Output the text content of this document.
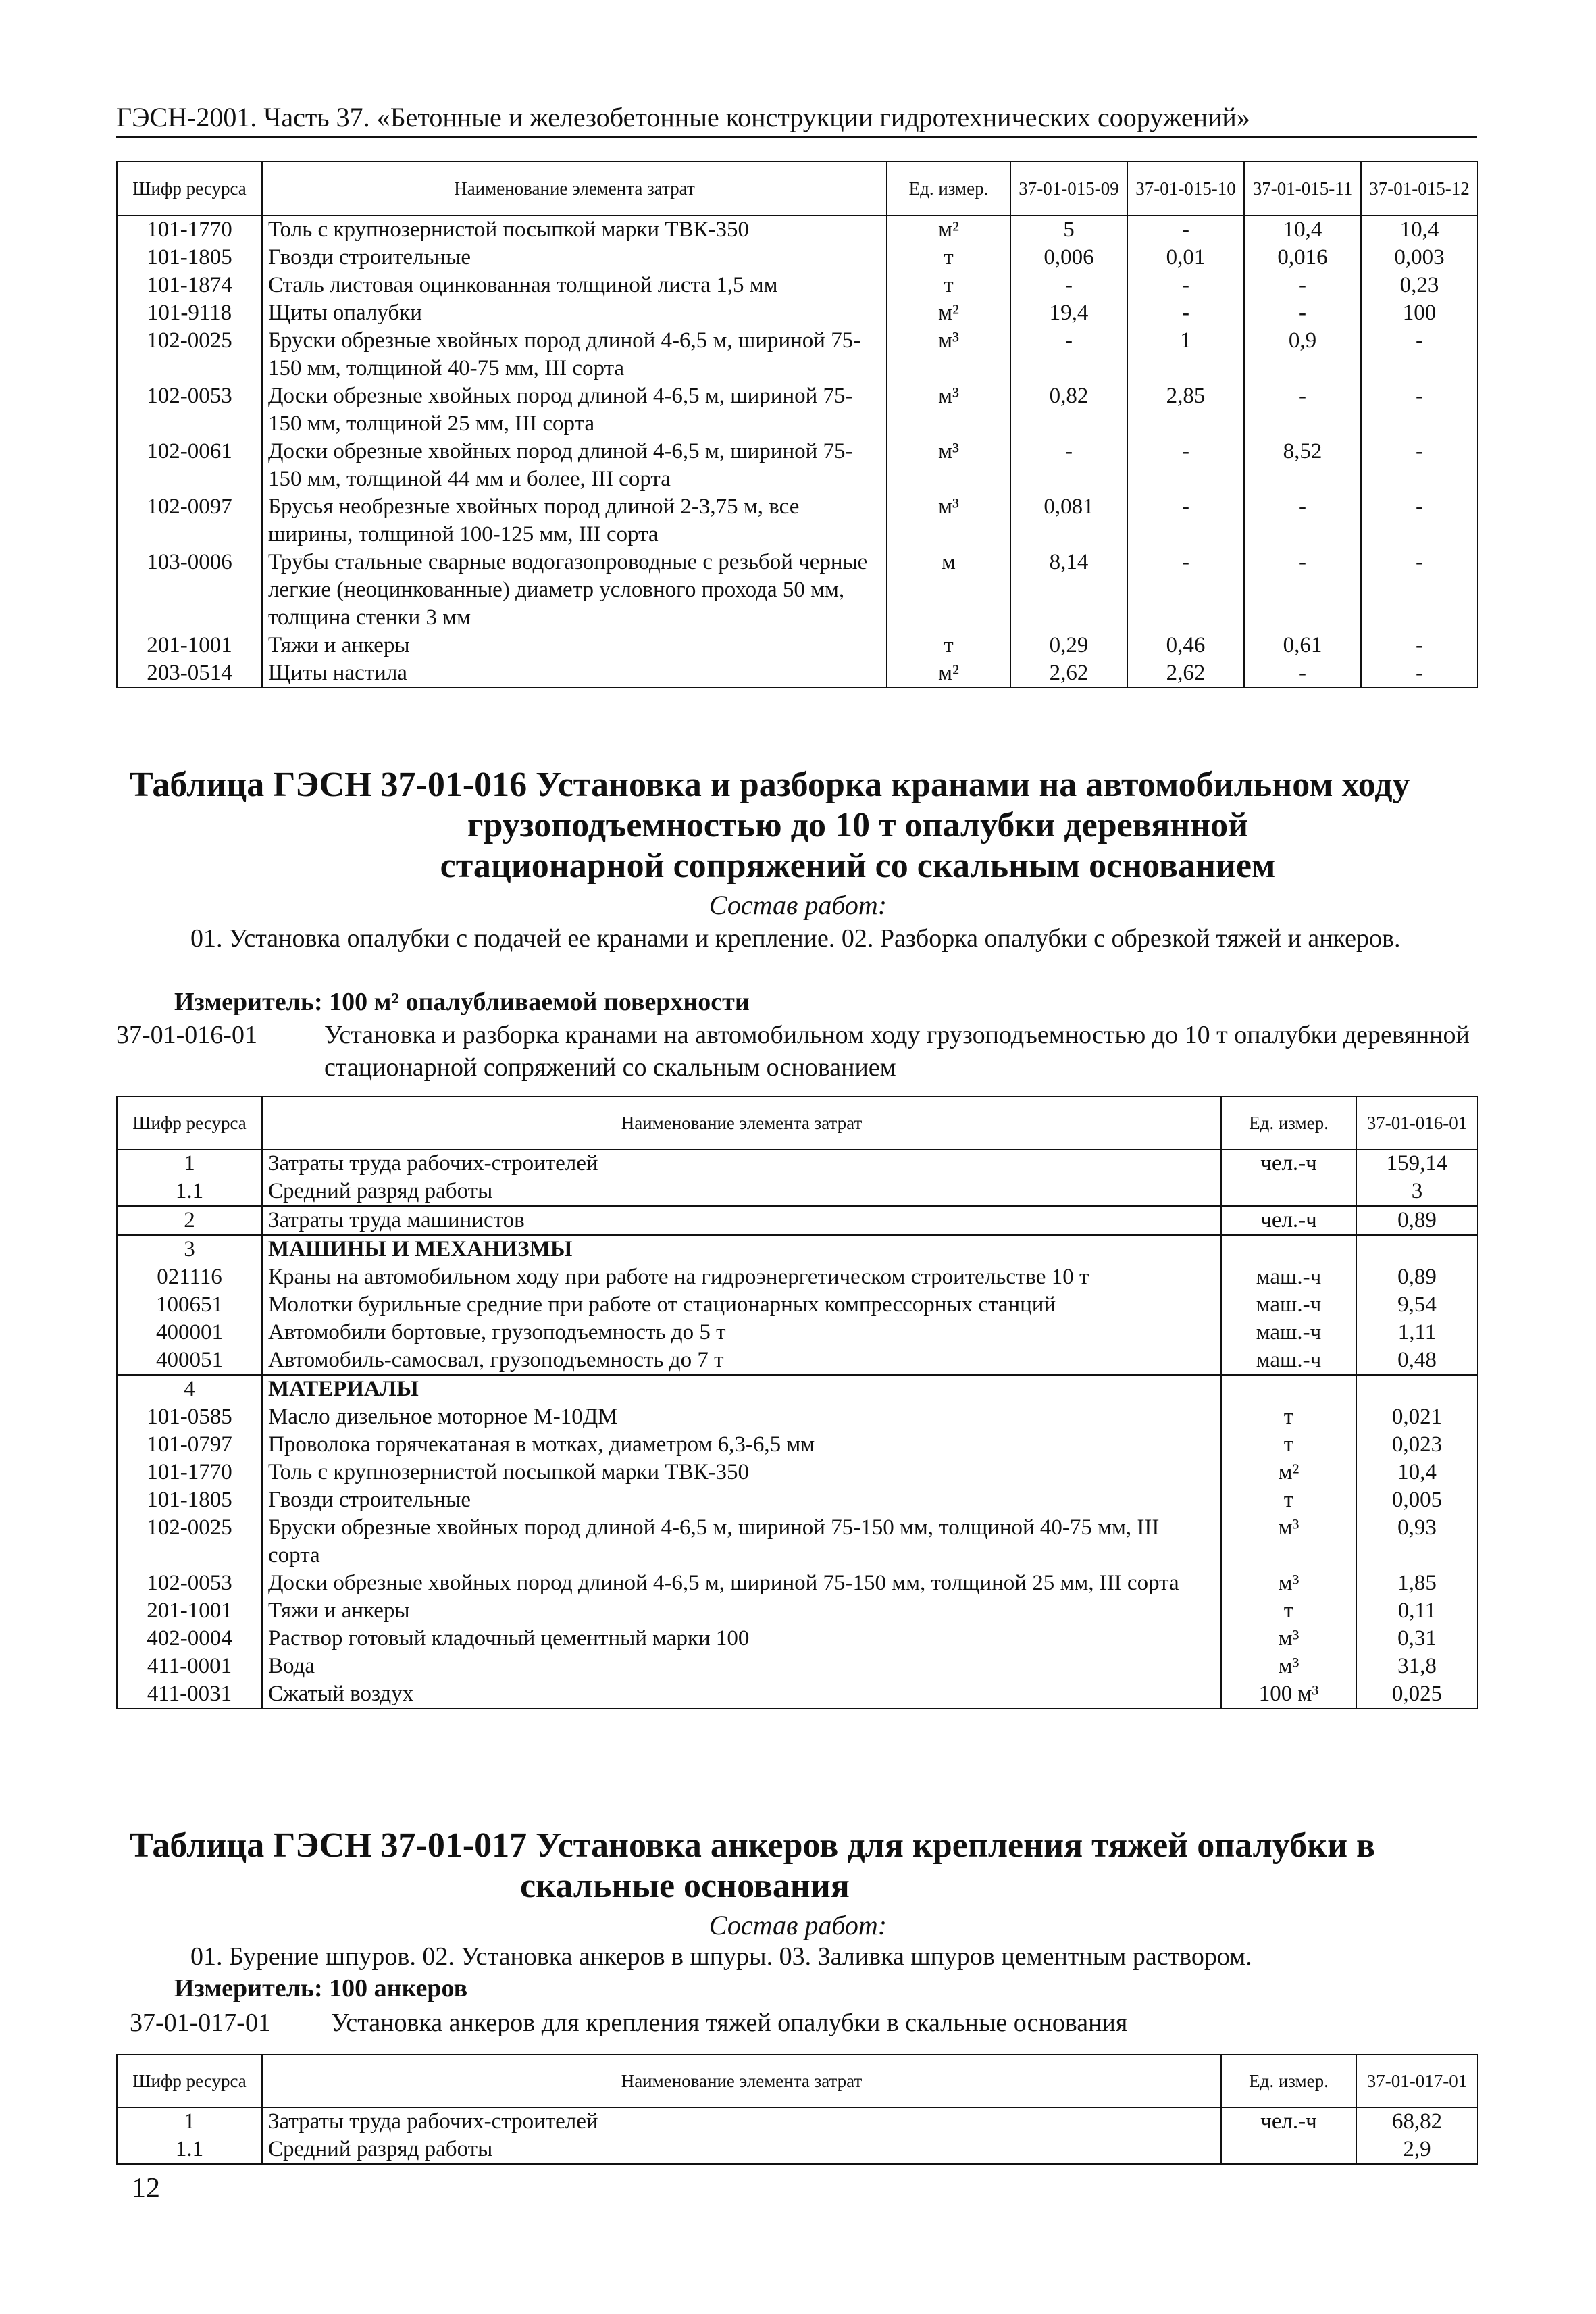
ГЭСН-2001. Часть 37. «Бетонные и железобетонные конструкции гидротехнических сооружений»
Шифр ресурса	Наименование элемента затрат	Ед. измер.	37-01-015-09	37-01-015-10	37-01-015-11	37-01-015-12
101-1770	Толь с крупнозернистой посыпкой марки ТВК-350	м²	5	-	10,4	10,4
101-1805	Гвозди строительные	т	0,006	0,01	0,016	0,003
101-1874	Сталь листовая оцинкованная толщиной листа 1,5 мм	т	-	-	-	0,23
101-9118	Щиты опалубки	м²	19,4	-	-	100
102-0025	Бруски обрезные хвойных пород длиной 4-6,5 м, шириной 75-150 мм, толщиной 40-75 мм, III сорта	м³	-	1	0,9	-
102-0053	Доски обрезные хвойных пород длиной 4-6,5 м, шириной 75-150 мм, толщиной 25 мм, III сорта	м³	0,82	2,85	-	-
102-0061	Доски обрезные хвойных пород длиной 4-6,5 м, шириной 75-150 мм, толщиной 44 мм и более, III сорта	м³	-	-	8,52	-
102-0097	Брусья необрезные хвойных пород длиной 2-3,75 м, все ширины, толщиной 100-125 мм, III сорта	м³	0,081	-	-	-
103-0006	Трубы стальные сварные водогазопроводные с резьбой черные легкие (неоцинкованные) диаметр условного прохода 50 мм, толщина стенки 3 мм	м	8,14	-	-	-
201-1001	Тяжи и анкеры	т	0,29	0,46	0,61	-
203-0514	Щиты настила	м²	2,62	2,62	-	-
Таблица ГЭСН 37-01-016 Установка и разборка кранами на автомобильном ходу
грузоподъемностью до 10 т опалубки деревянной
стационарной сопряжений со скальным основанием
Состав работ:
01. Установка опалубки с подачей ее кранами и крепление. 02. Разборка опалубки с обрезкой тяжей и анкеров.
Измеритель: 100 м² опалубливаемой поверхности
37-01-016-01	Установка и разборка кранами на автомобильном ходу грузоподъемностью до 10 т опалубки деревянной стационарной сопряжений со скальным основанием
Шифр ресурса	Наименование элемента затрат	Ед. измер.	37-01-016-01
1	Затраты труда рабочих-строителей	чел.-ч	159,14
1.1	Средний разряд работы		3
2	Затраты труда машинистов	чел.-ч	0,89
3	МАШИНЫ И МЕХАНИЗМЫ		
021116	Краны на автомобильном ходу при работе на гидроэнергетическом строительстве 10 т	маш.-ч	0,89
100651	Молотки бурильные средние при работе от стационарных компрессорных станций	маш.-ч	9,54
400001	Автомобили бортовые, грузоподъемность до 5 т	маш.-ч	1,11
400051	Автомобиль-самосвал, грузоподъемность до 7 т	маш.-ч	0,48
4	МАТЕРИАЛЫ		
101-0585	Масло дизельное моторное М-10ДМ	т	0,021
101-0797	Проволока горячекатаная в мотках, диаметром 6,3-6,5 мм	т	0,023
101-1770	Толь с крупнозернистой посыпкой марки ТВК-350	м²	10,4
101-1805	Гвозди строительные	т	0,005
102-0025	Бруски обрезные хвойных пород длиной 4-6,5 м, шириной 75-150 мм, толщиной 40-75 мм, III сорта	м³	0,93
102-0053	Доски обрезные хвойных пород длиной 4-6,5 м, шириной 75-150 мм, толщиной 25 мм, III сорта	м³	1,85
201-1001	Тяжи и анкеры	т	0,11
402-0004	Раствор готовый кладочный цементный марки 100	м³	0,31
411-0001	Вода	м³	31,8
411-0031	Сжатый воздух	100 м³	0,025
Таблица ГЭСН 37-01-017 Установка анкеров для крепления тяжей опалубки в
скальные основания
Состав работ:
01. Бурение шпуров. 02. Установка анкеров в шпуры. 03. Заливка шпуров цементным раствором.
Измеритель: 100 анкеров
37-01-017-01 Установка анкеров для крепления тяжей опалубки в скальные основания
Шифр ресурса	Наименование элемента затрат	Ед. измер.	37-01-017-01
1	Затраты труда рабочих-строителей	чел.-ч	68,82
1.1	Средний разряд работы		2,9
12
